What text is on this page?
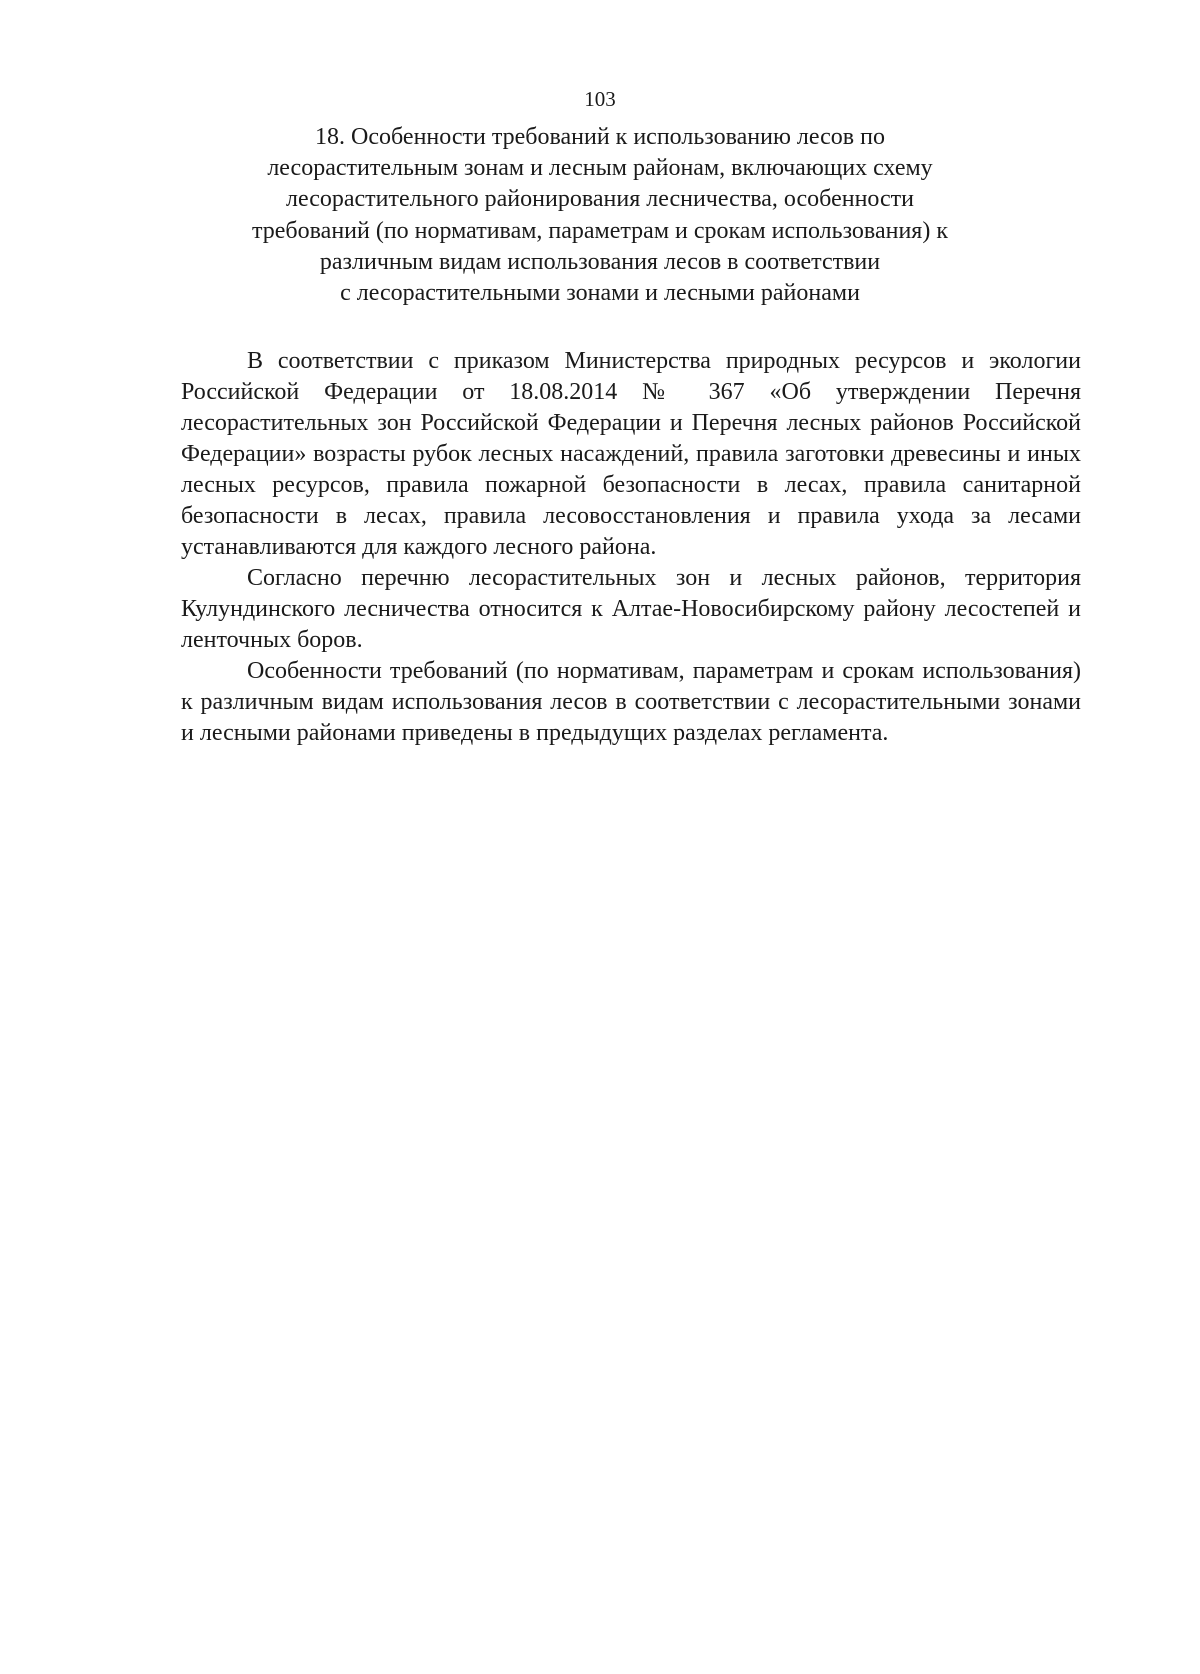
103
18. Особенности требований к использованию лесов по
лесорастительным зонам и лесным районам, включающих схему
лесорастительного районирования лесничества, особенности
требований (по нормативам, параметрам и срокам использования) к
различным видам использования лесов в соответствии
с лесорастительными зонами и лесными районами

В соответствии с приказом Министерства природных ресурсов и экологии Российской Федерации от 18.08.2014 № 367 «Об утверждении Перечня лесорастительных зон Российской Федерации и Перечня лесных районов Российской Федерации» возрасты рубок лесных насаждений, правила заготовки древесины и иных лесных ресурсов, правила пожарной безопасности в лесах, правила санитарной безопасности в лесах, правила лесовосстановления и правила ухода за лесами устанавливаются для каждого лесного района.

Согласно перечню лесорастительных зон и лесных районов, территория Кулундинского лесничества относится к Алтае-Новосибирскому району лесостепей и ленточных боров.

Особенности требований (по нормативам, параметрам и срокам использования) к различным видам использования лесов в соответствии с лесорастительными зонами и лесными районами приведены в предыдущих разделах регламента.
